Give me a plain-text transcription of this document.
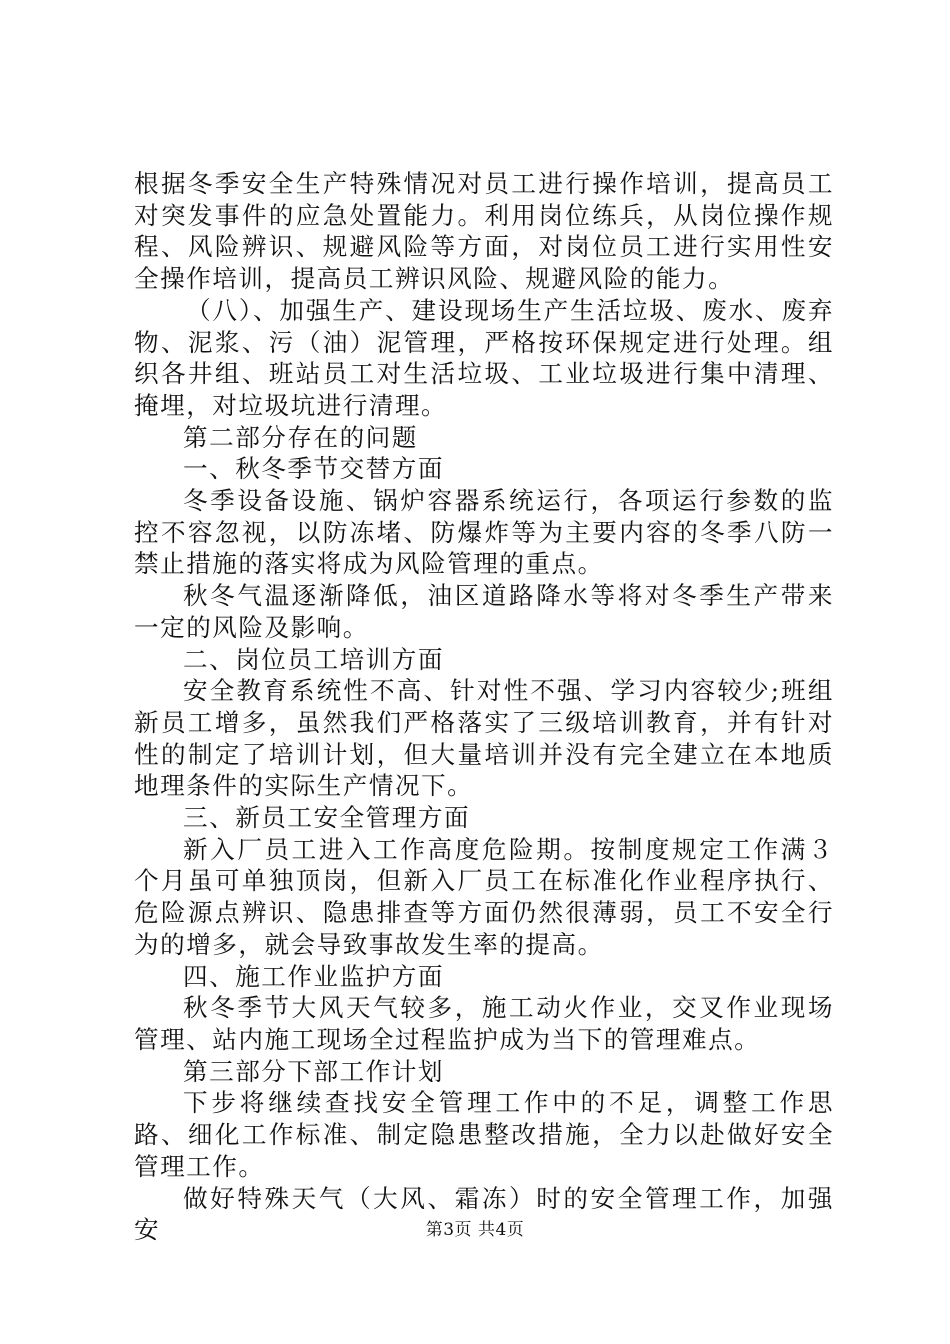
根据冬季安全生产特殊情况对员工进行操作培训，提高员工对突发事件的应急处置能力。利用岗位练兵，从岗位操作规程、风险辨识、规避风险等方面，对岗位员工进行实用性安全操作培训，提高员工辨识风险、规避风险的能力。

（八）、加强生产、建设现场生产生活垃圾、废水、废弃物、泥浆、污（油）泥管理，严格按环保规定进行处理。组织各井组、班站员工对生活垃圾、工业垃圾进行集中清理、掩埋，对垃圾坑进行清理。

第二部分存在的问题

一、秋冬季节交替方面

冬季设备设施、锅炉容器系统运行，各项运行参数的监控不容忽视，以防冻堵、防爆炸等为主要内容的冬季八防一禁止措施的落实将成为风险管理的重点。

秋冬气温逐渐降低，油区道路降水等将对冬季生产带来一定的风险及影响。

二、岗位员工培训方面

安全教育系统性不高、针对性不强、学习内容较少;班组新员工增多，虽然我们严格落实了三级培训教育，并有针对性的制定了培训计划，但大量培训并没有完全建立在本地质地理条件的实际生产情况下。

三、新员工安全管理方面

新入厂员工进入工作高度危险期。按制度规定工作满３个月虽可单独顶岗，但新入厂员工在标准化作业程序执行、危险源点辨识、隐患排查等方面仍然很薄弱，员工不安全行为的增多，就会导致事故发生率的提高。

四、施工作业监护方面

秋冬季节大风天气较多，施工动火作业，交叉作业现场管理、站内施工现场全过程监护成为当下的管理难点。

第三部分下部工作计划

下步将继续查找安全管理工作中的不足，调整工作思路、细化工作标准、制定隐患整改措施，全力以赴做好安全管理工作。

做好特殊天气（大风、霜冻）时的安全管理工作，加强安	第3页 共4页
